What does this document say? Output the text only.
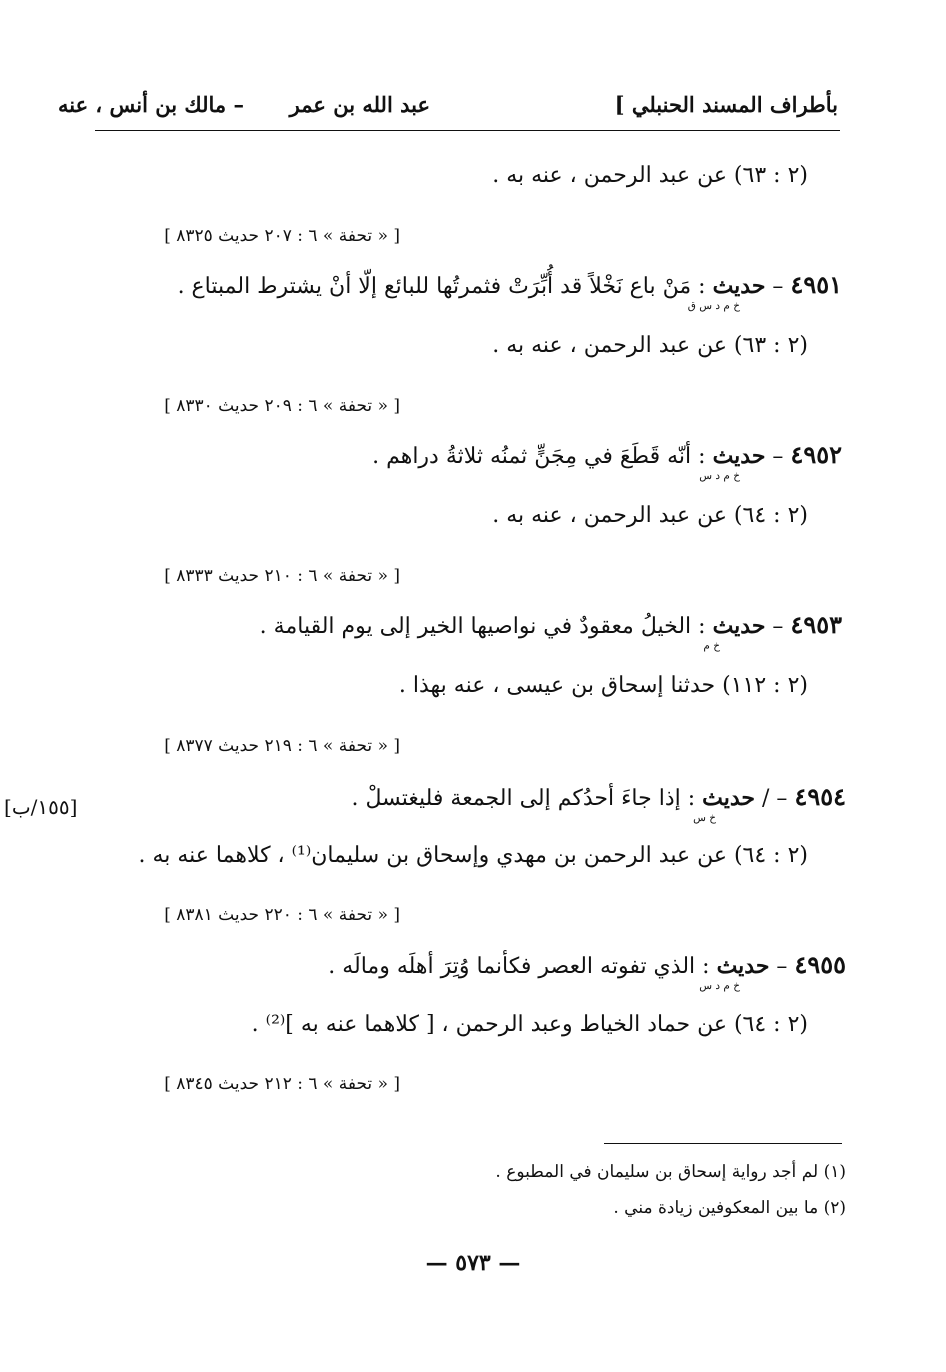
بأطراف المسند الحنبلي ]
عبد الله بن عمر
– مالك بن أنس ، عنه
(٢ : ٦٣) عن عبد الرحمن ، عنه به .
[ « تحفة » ٦ : ٢٠٧ حديث ٨٣٢٥ ]
٤٩٥١ – حديث : مَنْ باع نَخْلاً قد أُبِّرَتْ فثمرتُها للبائع إلّا أنْ يشترط المبتاع .
خ م د س ق
(٢ : ٦٣) عن عبد الرحمن ، عنه به .
[ « تحفة » ٦ : ٢٠٩ حديث ٨٣٣٠ ]
٤٩٥٢ – حديث : أنّه قَطَعَ في مِجَنٍّ ثمنُه ثلاثةُ دراهم .
خ م د س
(٢ : ٦٤) عن عبد الرحمن ، عنه به .
[ « تحفة » ٦ : ٢١٠ حديث ٨٣٣٣ ]
٤٩٥٣ – حديث : الخيلُ معقودٌ في نواصيها الخير إلى يوم القيامة .
خ م
(٢ : ١١٢) حدثنا إسحاق بن عيسى ، عنه بهذا .
[ « تحفة » ٦ : ٢١٩ حديث ٨٣٧٧ ]
[١٥٥/ب]	٤٩٥٤ – / حديث : إذا جاءَ أحدُكم إلى الجمعة فليغتسلْ .
خ س
(٢ : ٦٤) عن عبد الرحمن بن مهدي وإسحاق بن سليمان⁽¹⁾ ، كلاهما عنه به .
[ « تحفة » ٦ : ٢٢٠ حديث ٨٣٨١ ]
٤٩٥٥ – حديث : الذي تفوته العصر فكأنما وُتِرَ أهلَه ومالَه .
خ م د س
(٢ : ٦٤) عن حماد الخياط وعبد الرحمن ، [ كلاهما عنه به ]⁽²⁾ .
[ « تحفة » ٦ : ٢١٢ حديث ٨٣٤٥ ]
(١) لم أجد رواية إسحاق بن سليمان في المطبوع .
(٢) ما بين المعكوفين زيادة مني .
— ٥٧٣ —
